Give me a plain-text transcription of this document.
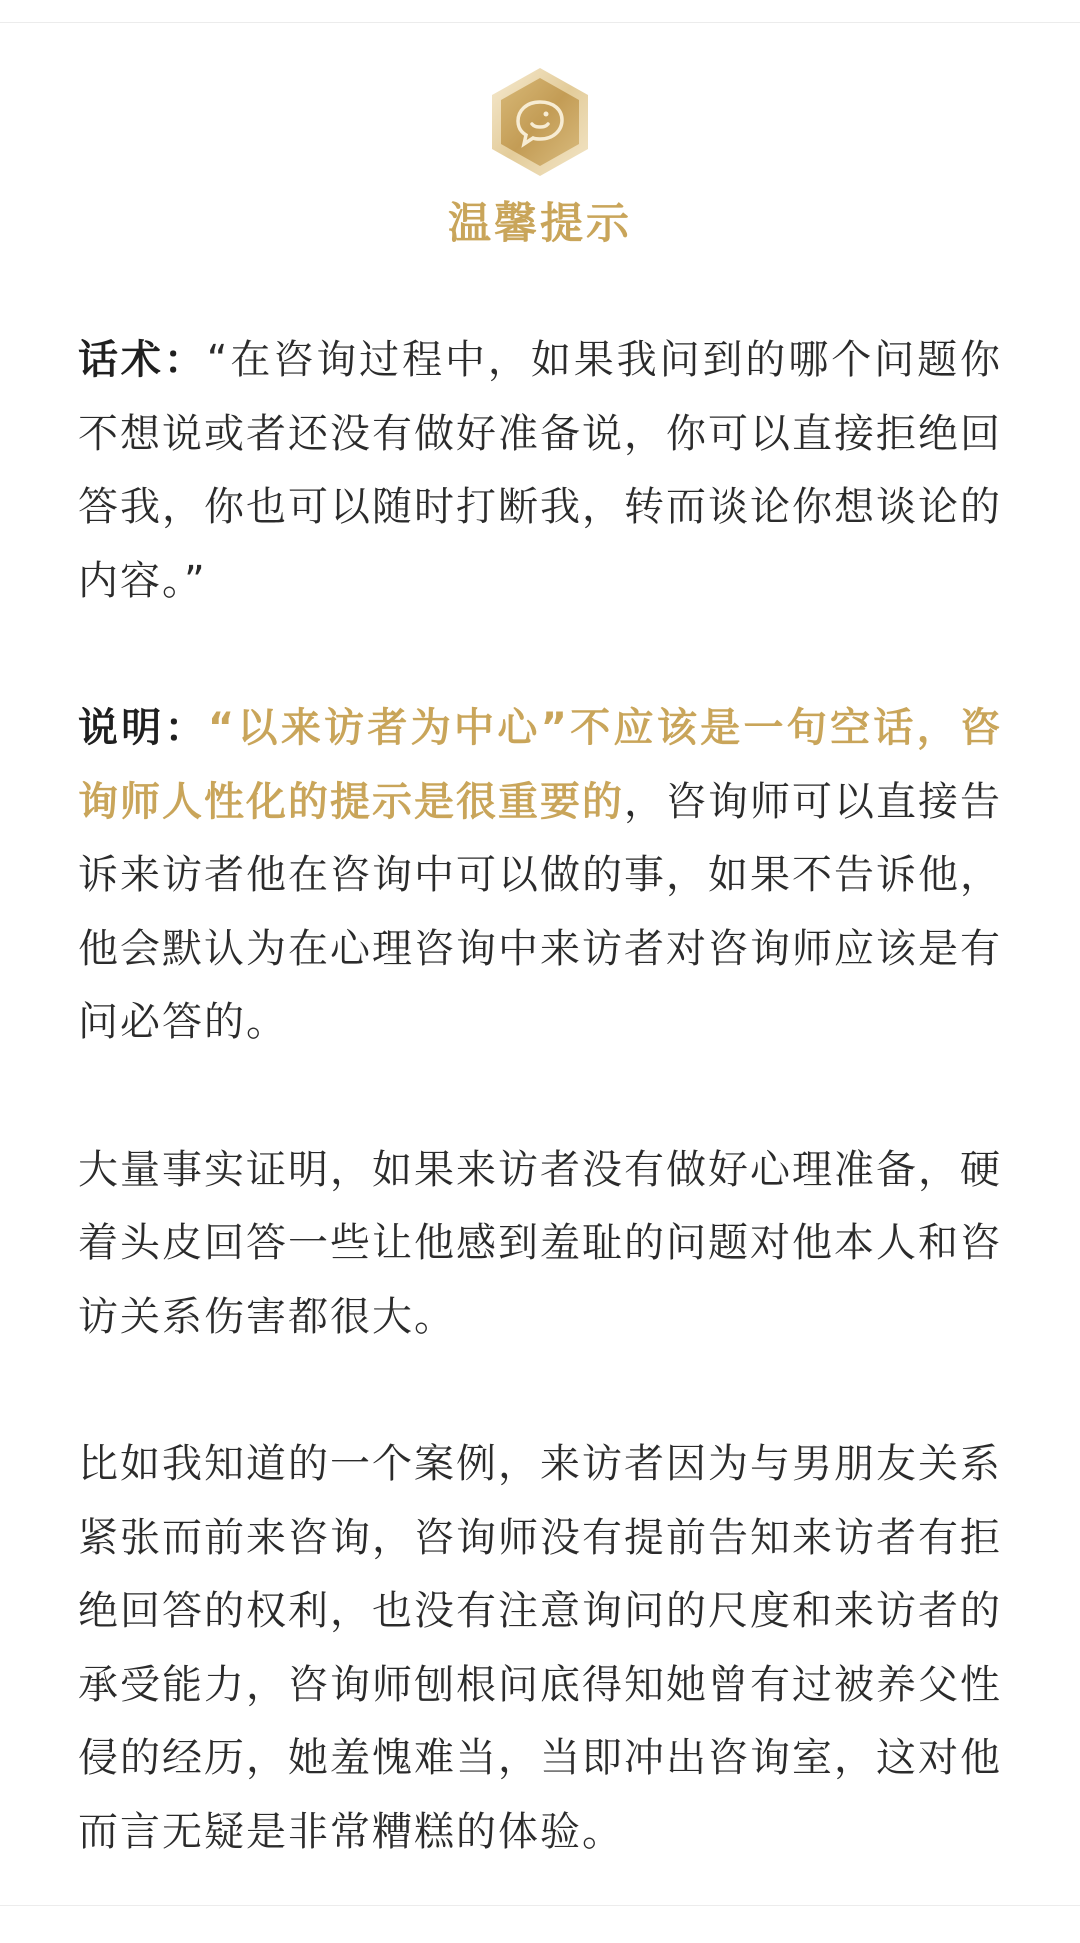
温馨提示

话术：“在咨询过程中，如果我问到的哪个问题你不想说或者还没有做好准备说，你可以直接拒绝回答我，你也可以随时打断我，转而谈论你想谈论的内容。”

说明：“以来访者为中心”不应该是一句空话，咨询师人性化的提示是很重要的，咨询师可以直接告诉来访者他在咨询中可以做的事，如果不告诉他，他会默认为在心理咨询中来访者对咨询师应该是有问必答的。

大量事实证明，如果来访者没有做好心理准备，硬着头皮回答一些让他感到羞耻的问题对他本人和咨访关系伤害都很大。

比如我知道的一个案例，来访者因为与男朋友关系紧张而前来咨询，咨询师没有提前告知来访者有拒绝回答的权利，也没有注意询问的尺度和来访者的承受能力，咨询师刨根问底得知她曾有过被养父性侵的经历，她羞愧难当，当即冲出咨询室，这对他而言无疑是非常糟糕的体验。
